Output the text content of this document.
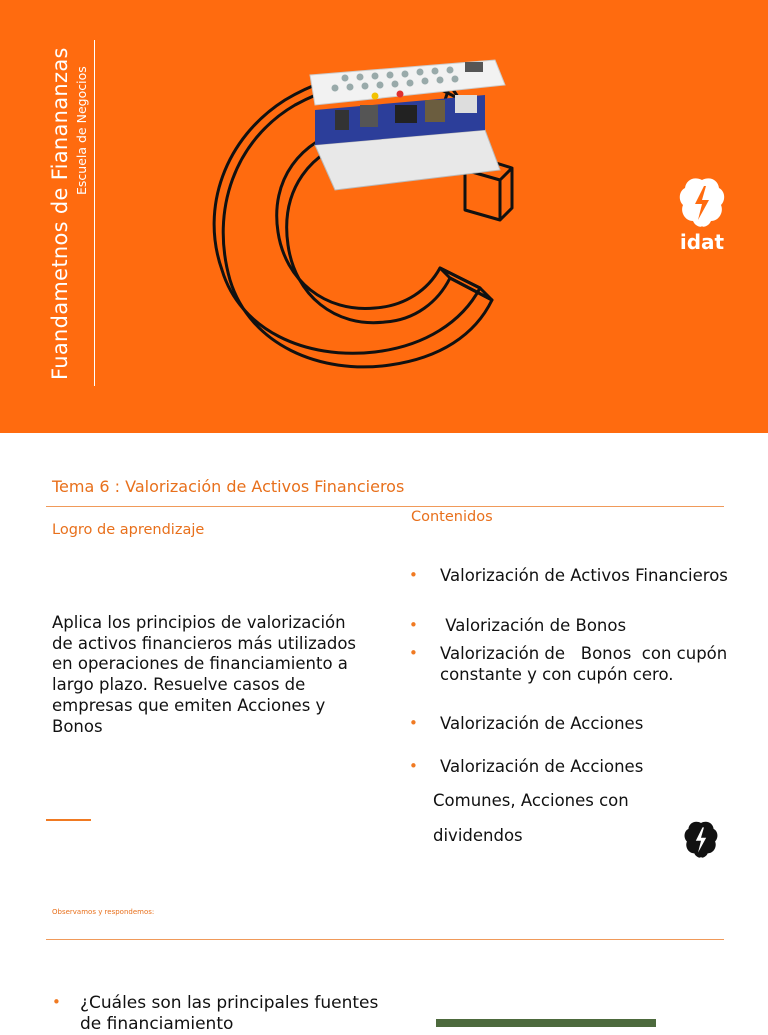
Fuandametnos de Fianananzas Escuela de Negocios
idat
Tema 6 : Valorización de Activos Financieros
Logro de aprendizaje
Contenidos
Aplica los principios de valorización de activos financieros más utilizados en operaciones de financiamiento a largo plazo. Resuelve casos de empresas que emiten Acciones y Bonos
• Valorización de Activos Financieros
• Valorización de Bonos
• Valorización de   Bonos  con cupón constante y con cupón cero.
• Valorización de Acciones
• Valorización de Acciones
Comunes, Acciones con
dividendos
Observamos y respondemos:
• ¿Cuáles son las principales fuentes de financiamiento
